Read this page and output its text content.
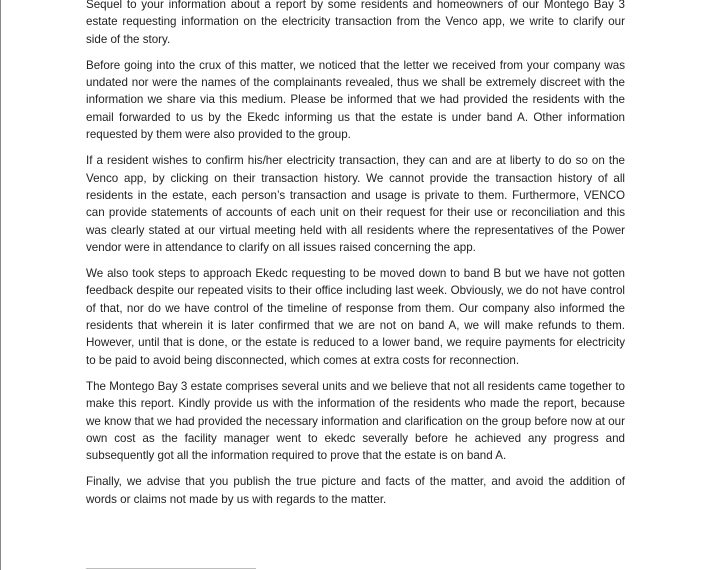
Sequel to your information about a report by some residents and homeowners of our Montego Bay 3 estate requesting information on the electricity transaction from the Venco app, we write to clarify our side of the story.

Before going into the crux of this matter, we noticed that the letter we received from your company was undated nor were the names of the complainants revealed, thus we shall be extremely discreet with the information we share via this medium. Please be informed that we had provided the residents with the email forwarded to us by the Ekedc informing us that the estate is under band A. Other information requested by them were also provided to the group.

If a resident wishes to confirm his/her electricity transaction, they can and are at liberty to do so on the Venco app, by clicking on their transaction history. We cannot provide the transaction history of all residents in the estate, each person’s transaction and usage is private to them. Furthermore, VENCO can provide statements of accounts of each unit on their request for their use or reconciliation and this was clearly stated at our virtual meeting held with all residents where the representatives of the Power vendor were in attendance to clarify on all issues raised concerning the app.

We also took steps to approach Ekedc requesting to be moved down to band B but we have not gotten feedback despite our repeated visits to their office including last week. Obviously, we do not have control of that, nor do we have control of the timeline of response from them. Our company also informed the residents that wherein it is later confirmed that we are not on band A, we will make refunds to them. However, until that is done, or the estate is reduced to a lower band, we require payments for electricity to be paid to avoid being disconnected, which comes at extra costs for reconnection.

The Montego Bay 3 estate comprises several units and we believe that not all residents came together to make this report. Kindly provide us with the information of the residents who made the report, because we know that we had provided the necessary information and clarification on the group before now at our own cost as the facility manager went to ekedc severally before he achieved any progress and subsequently got all the information required to prove that the estate is on band A.

Finally, we advise that you publish the true picture and facts of the matter, and avoid the addition of words or claims not made by us with regards to the matter.
